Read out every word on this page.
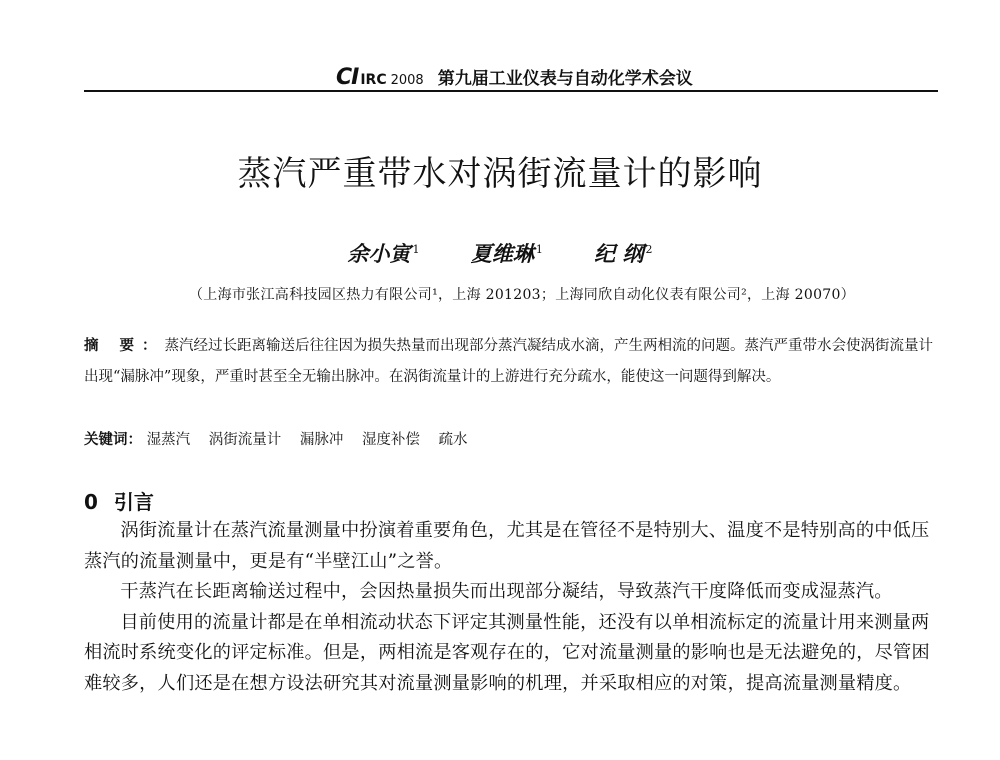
CI IRC 2008 第九届工业仪表与自动化学术会议
蒸汽严重带水对涡街流量计的影响
余小寅 $^1$ 夏维琳 $^1$ 纪 纲 $^2$
（上海市张江高科技园区热力有限公司¹，上海 201203；上海同欣自动化仪表有限公司²，上海 20070）
摘 要：蒸汽经过长距离输送后往往因为损失热量而出现部分蒸汽凝结成水滴，产生两相流的问题。蒸汽严重带水会使涡街流量计出现“漏脉冲”现象，严重时甚至全无输出脉冲。在涡街流量计的上游进行充分疏水，能使这一问题得到解决。
关键词： 湿蒸汽 涡街流量计 漏脉冲 湿度补偿 疏水
0 引言

涡街流量计在蒸汽流量测量中扮演着重要角色，尤其是在管径不是特别大、温度不是特别高的中低压蒸汽的流量测量中，更是有“半壁江山”之誉。

干蒸汽在长距离输送过程中，会因热量损失而出现部分凝结，导致蒸汽干度降低而变成湿蒸汽。

目前使用的流量计都是在单相流动状态下评定其测量性能，还没有以单相流标定的流量计用来测量两相流时系统变化的评定标准。但是，两相流是客观存在的，它对流量测量的影响也是无法避免的，尽管困难较多，人们还是在想方设法研究其对流量测量影响的机理，并采取相应的对策，提高流量测量精度。
